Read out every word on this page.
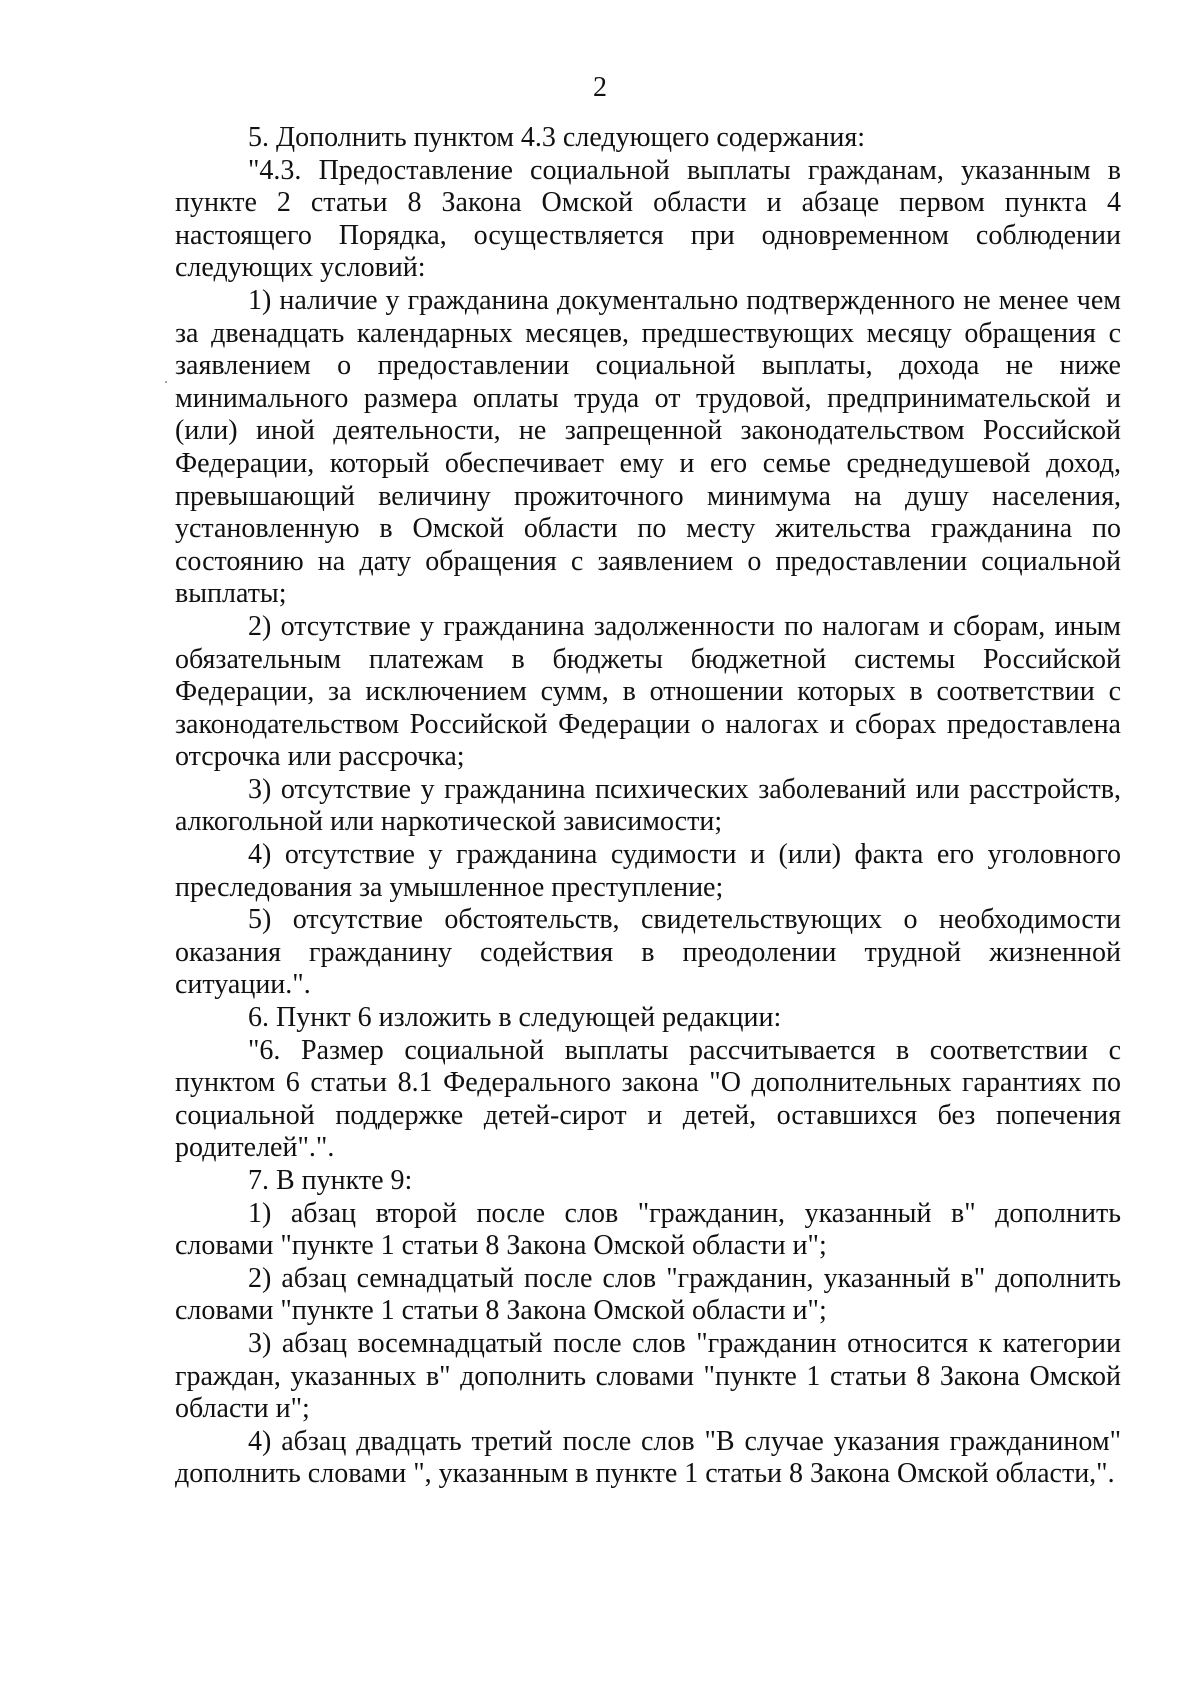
2

5. Дополнить пунктом 4.3 следующего содержания:

"4.3. Предоставление социальной выплаты гражданам, указанным в пункте 2 статьи 8 Закона Омской области и абзаце первом пункта 4 настоящего Порядка, осуществляется при одновременном соблюдении следующих условий:

1) наличие у гражданина документально подтвержденного не менее чем за двенадцать календарных месяцев, предшествующих месяцу обращения с заявлением о предоставлении социальной выплаты, дохода не ниже минимального размера оплаты труда от трудовой, предпринимательской и (или) иной деятельности, не запрещенной законодательством Российской Федерации, который обеспечивает ему и его семье среднедушевой доход, превышающий величину прожиточного минимума на душу населения, установленную в Омской области по месту жительства гражданина по состоянию на дату обращения с заявлением о предоставлении социальной выплаты;

2) отсутствие у гражданина задолженности по налогам и сборам, иным обязательным платежам в бюджеты бюджетной системы Российской Федерации, за исключением сумм, в отношении которых в соответствии с законодательством Российской Федерации о налогах и сборах предоставлена отсрочка или рассрочка;

3) отсутствие у гражданина психических заболеваний или расстройств, алкогольной или наркотической зависимости;

4) отсутствие у гражданина судимости и (или) факта его уголовного преследования за умышленное преступление;

5) отсутствие обстоятельств, свидетельствующих о необходимости оказания гражданину содействия в преодолении трудной жизненной ситуации.".

6. Пункт 6 изложить в следующей редакции:

"6. Размер социальной выплаты рассчитывается в соответствии с пунктом 6 статьи 8.1 Федерального закона "О дополнительных гарантиях по социальной поддержке детей-сирот и детей, оставшихся без попечения родителей".".

7. В пункте 9:

1) абзац второй после слов "гражданин, указанный в" дополнить словами "пункте 1 статьи 8 Закона Омской области и";

2) абзац семнадцатый после слов "гражданин, указанный в" дополнить словами "пункте 1 статьи 8 Закона Омской области и";

3) абзац восемнадцатый после слов "гражданин относится к категории граждан, указанных в" дополнить словами "пункте 1 статьи 8 Закона Омской области и";

4) абзац двадцать третий после слов "В случае указания гражданином" дополнить словами ", указанным в пункте 1 статьи 8 Закона Омской области,".
